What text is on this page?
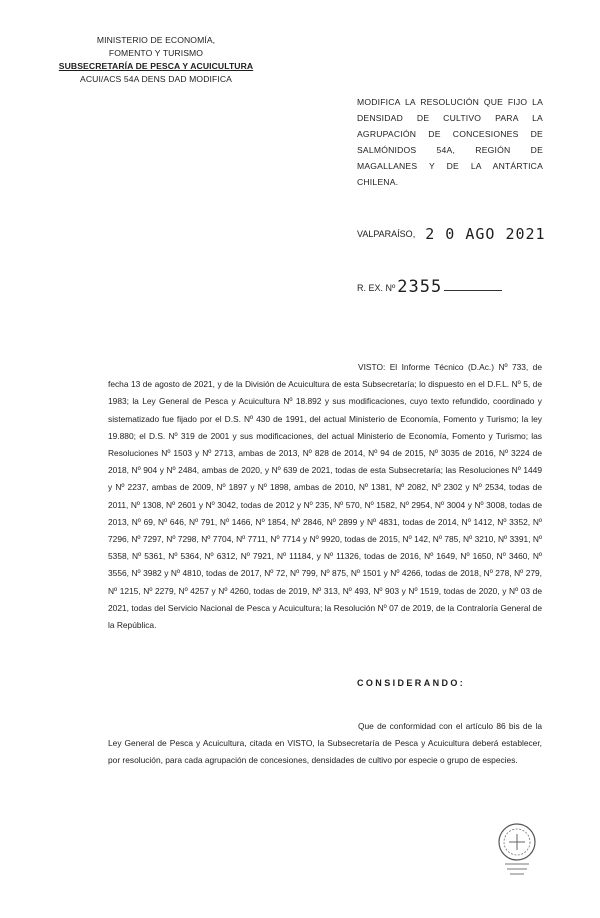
MINISTERIO DE ECONOMÍA,
FOMENTO Y TURISMO
SUBSECRETARÍA DE PESCA Y ACUICULTURA
ACUI/ACS 54A DENS DAD MODIFICA
MODIFICA LA RESOLUCIÓN QUE FIJO LA DENSIDAD DE CULTIVO PARA LA AGRUPACIÓN DE CONCESIONES DE SALMÓNIDOS 54A, REGIÓN DE MAGALLANES Y DE LA ANTÁRTICA CHILENA.
VALPARAÍSO, 2 0 AGO 2021
R. EX. Nº 2355
VISTO: El Informe Técnico (D.Ac.) Nº 733, de fecha 13 de agosto de 2021, y de la División de Acuicultura de esta Subsecretaría; lo dispuesto en el D.F.L. Nº 5, de 1983; la Ley General de Pesca y Acuicultura Nº 18.892 y sus modificaciones, cuyo texto refundido, coordinado y sistematizado fue fijado por el D.S. Nº 430 de 1991, del actual Ministerio de Economía, Fomento y Turismo; la ley 19.880; el D.S. Nº 319 de 2001 y sus modificaciones, del actual Ministerio de Economía, Fomento y Turismo; las Resoluciones Nº 1503 y Nº 2713, ambas de 2013, Nº 828 de 2014, Nº 94 de 2015, Nº 3035 de 2016, Nº 3224 de 2018, Nº 904 y Nº 2484, ambas de 2020, y Nº 639 de 2021, todas de esta Subsecretaría; las Resoluciones Nº 1449 y Nº 2237, ambas de 2009, Nº 1897 y Nº 1898, ambas de 2010, Nº 1381, Nº 2082, Nº 2302 y Nº 2534, todas de 2011, Nº 1308, Nº 2601 y Nº 3042, todas de 2012 y Nº 235, Nº 570, Nº 1582, Nº 2954, Nº 3004 y Nº 3008, todas de 2013, Nº 69, Nº 646, Nº 791, Nº 1466, Nº 1854, Nº 2846, Nº 2899 y Nº 4831, todas de 2014, Nº 1412, Nº 3352, Nº 7296, Nº 7297, Nº 7298, Nº 7704, Nº 7711, Nº 7714 y Nº 9920, todas de 2015, Nº 142, Nº 785, Nº 3210, Nº 3391, Nº 5358, Nº 5361, Nº 5364, Nº 6312, Nº 7921, Nº 11184, y Nº 11326, todas de 2016, Nº 1649, Nº 1650, Nº 3460, Nº 3556, Nº 3982 y Nº 4810, todas de 2017, Nº 72, Nº 799, Nº 875, Nº 1501 y Nº 4266, todas de 2018, Nº 278, Nº 279, Nº 1215, Nº 2279, Nº 4257 y Nº 4260, todas de 2019, Nº 313, Nº 493, Nº 903 y Nº 1519, todas de 2020, y Nº 03 de 2021, todas del Servicio Nacional de Pesca y Acuicultura; la Resolución Nº 07 de 2019, de la Contraloría General de la República.
CONSIDERANDO:
Que de conformidad con el artículo 86 bis de la Ley General de Pesca y Acuicultura, citada en VISTO, la Subsecretaría de Pesca y Acuicultura deberá establecer, por resolución, para cada agrupación de concesiones, densidades de cultivo por especie o grupo de especies.
